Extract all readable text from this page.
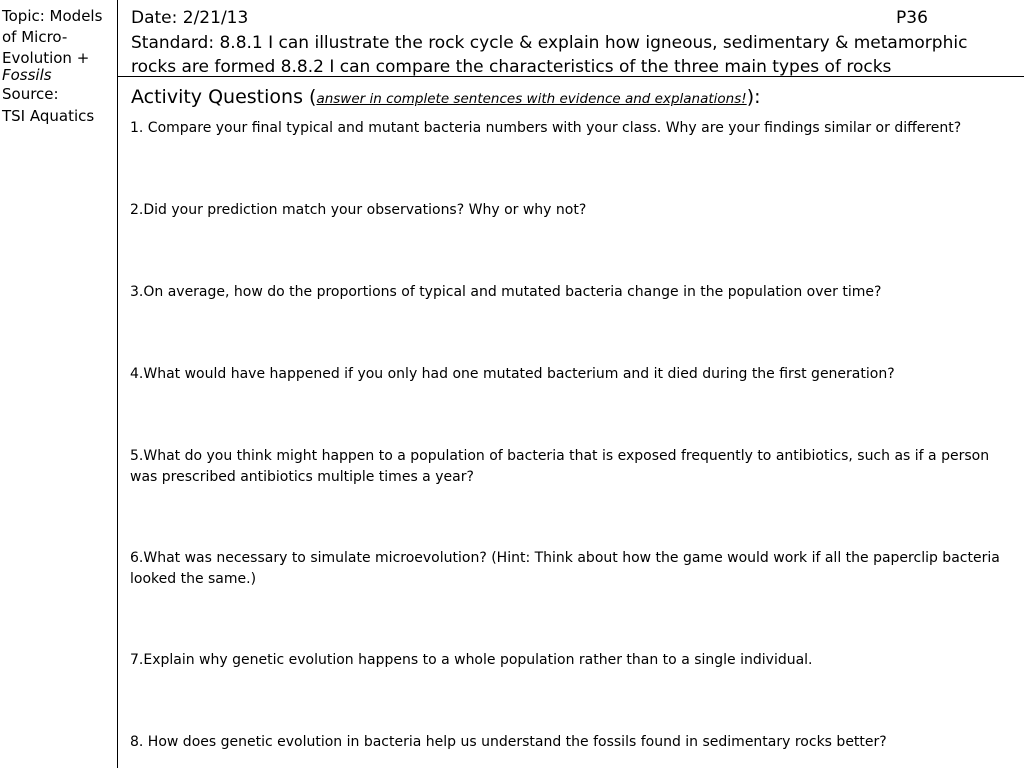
Topic: Models
of Micro-
Evolution +
Fossils
Source:
TSI Aquatics
Date: 2/21/13	P36
Standard: 8.8.1 I can illustrate the rock cycle & explain how igneous, sedimentary & metamorphic
rocks are formed 8.8.2 I can compare the characteristics of the three main types of rocks
Activity Questions (answer in complete sentences with evidence and explanations!):
1. Compare your final typical and mutant bacteria numbers with your class. Why are your findings similar or different?
2.Did your prediction match your observations? Why or why not?
3.On average, how do the proportions of typical and mutated bacteria change in the population over time?
4.What would have happened if you only had one mutated bacterium and it died during the first generation?
5.What do you think might happen to a population of bacteria that is exposed frequently to antibiotics, such as if a person was prescribed antibiotics multiple times a year?
6.What was necessary to simulate microevolution? (Hint: Think about how the game would work if all the paperclip bacteria looked the same.)
7.Explain why genetic evolution happens to a whole population rather than to a single individual.
8. How does genetic evolution in bacteria help us understand the fossils found in sedimentary rocks better?
